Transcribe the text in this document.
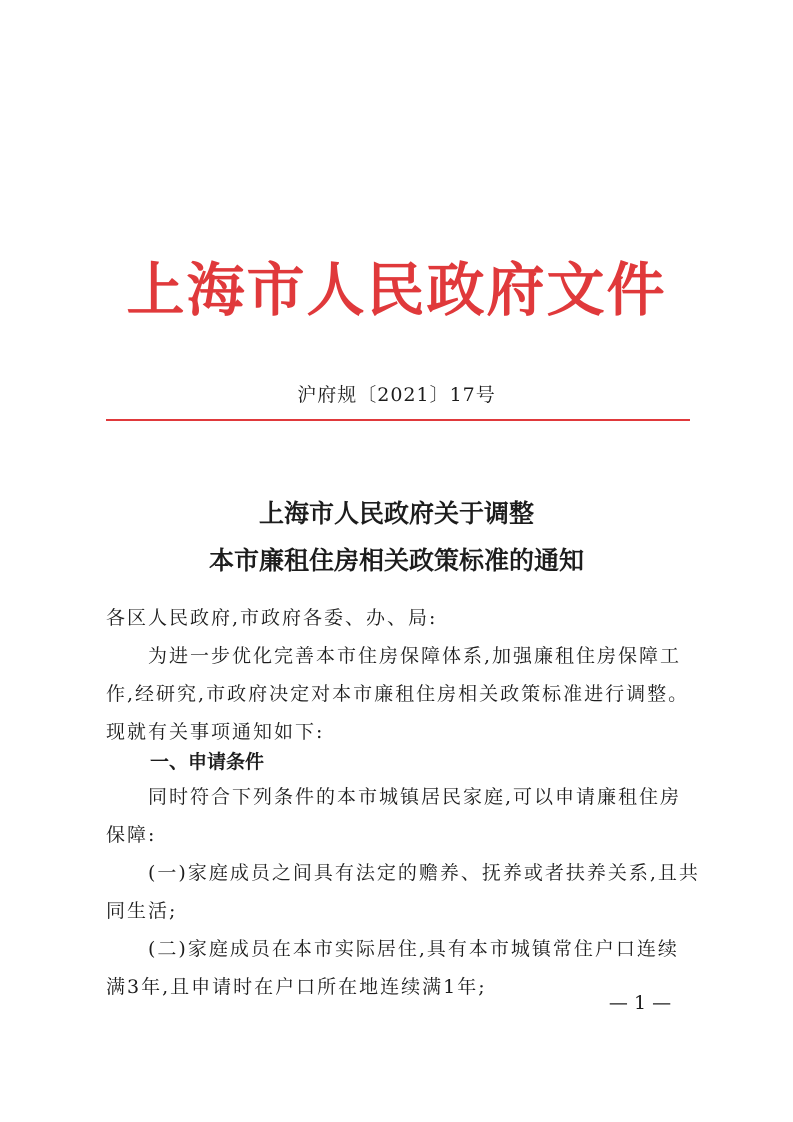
上海市人民政府文件
沪府规〔2021〕17号
上海市人民政府关于调整
本市廉租住房相关政策标准的通知
各区人民政府,市政府各委、办、局:
　　为进一步优化完善本市住房保障体系,加强廉租住房保障工
作,经研究,市政府决定对本市廉租住房相关政策标准进行调整。
现就有关事项通知如下:
一、申请条件
　　同时符合下列条件的本市城镇居民家庭,可以申请廉租住房
保障:
　　(一)家庭成员之间具有法定的赡养、抚养或者扶养关系,且共
同生活;
　　(二)家庭成员在本市实际居住,具有本市城镇常住户口连续
满3年,且申请时在户口所在地连续满1年;
— 1 —
